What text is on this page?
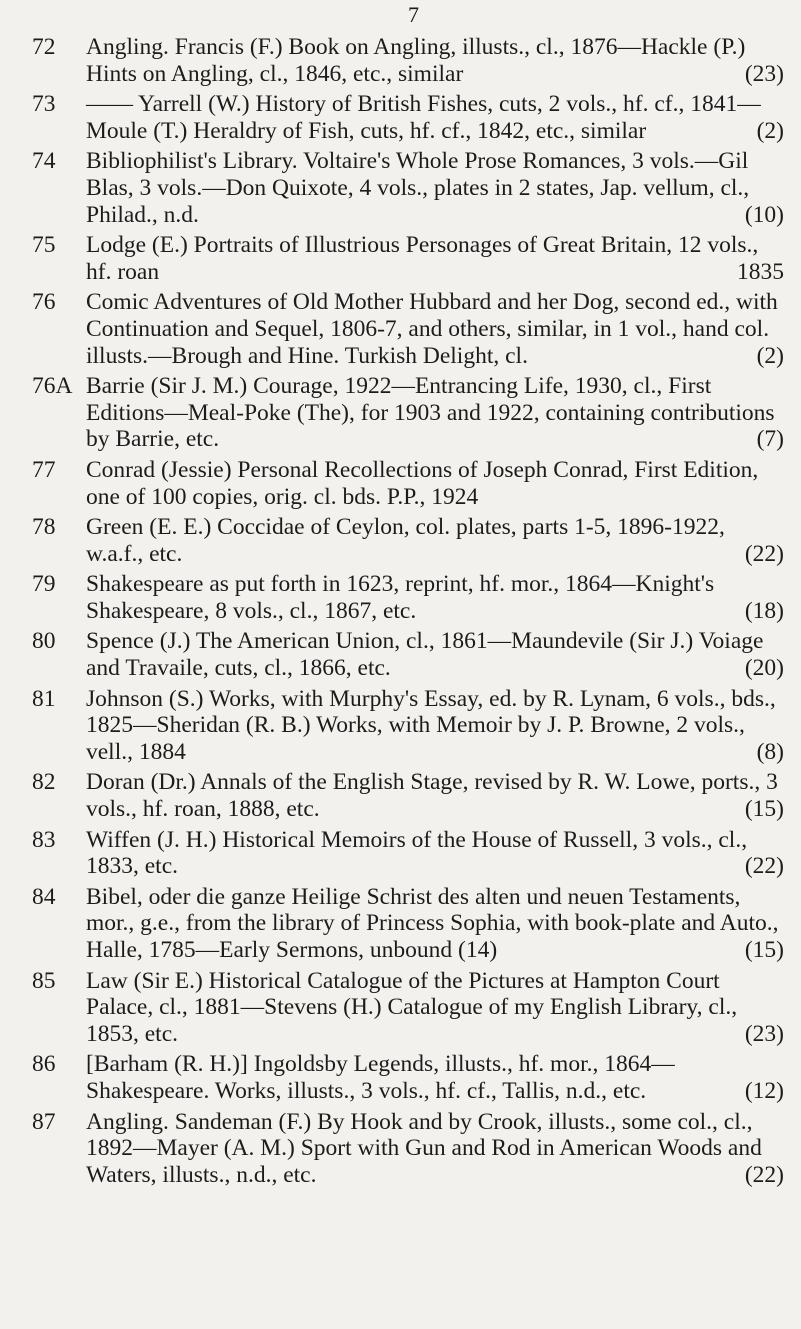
7
72	Angling. Francis (F.) Book on Angling, illusts., cl., 1876—Hackle (P.) Hints on Angling, cl., 1846, etc., similar	(23)
73	—— Yarrell (W.) History of British Fishes, cuts, 2 vols., hf. cf., 1841—Moule (T.) Heraldry of Fish, cuts, hf. cf., 1842, etc., similar	(2)
74	Bibliophilist's Library. Voltaire's Whole Prose Romances, 3 vols.—Gil Blas, 3 vols.—Don Quixote, 4 vols., plates in 2 states, Jap. vellum, cl., Philad., n.d.	(10)
75	Lodge (E.) Portraits of Illustrious Personages of Great Britain, 12 vols., hf. roan	1835
76	Comic Adventures of Old Mother Hubbard and her Dog, second ed., with Continuation and Sequel, 1806-7, and others, similar, in 1 vol., hand col. illusts.—Brough and Hine. Turkish Delight, cl.	(2)
76A Barrie (Sir J. M.) Courage, 1922—Entrancing Life, 1930, cl., First Editions—Meal-Poke (The), for 1903 and 1922, containing contributions by Barrie, etc.	(7)
77	Conrad (Jessie) Personal Recollections of Joseph Conrad, First Edition, one of 100 copies, orig. cl. bds. P.P., 1924
78	Green (E. E.) Coccidae of Ceylon, col. plates, parts 1-5, 1896-1922, w.a.f., etc.	(22)
79	Shakespeare as put forth in 1623, reprint, hf. mor., 1864—Knight's Shakespeare, 8 vols., cl., 1867, etc.	(18)
80	Spence (J.) The American Union, cl., 1861—Maundevile (Sir J.) Voiage and Travaile, cuts, cl., 1866, etc.	(20)
81	Johnson (S.) Works, with Murphy's Essay, ed. by R. Lynam, 6 vols., bds., 1825—Sheridan (R. B.) Works, with Memoir by J. P. Browne, 2 vols., vell., 1884	(8)
82	Doran (Dr.) Annals of the English Stage, revised by R. W. Lowe, ports., 3 vols., hf. roan, 1888, etc.	(15)
83	Wiffen (J. H.) Historical Memoirs of the House of Russell, 3 vols., cl., 1833, etc.	(22)
84	Bibel, oder die ganze Heilige Schrist des alten und neuen Testaments, mor., g.e., from the library of Princess Sophia, with book-plate and Auto., Halle, 1785—Early Sermons, unbound (14)	(15)
85	Law (Sir E.) Historical Catalogue of the Pictures at Hampton Court Palace, cl., 1881—Stevens (H.) Catalogue of my English Library, cl., 1853, etc.	(23)
86	[Barham (R. H.)] Ingoldsby Legends, illusts., hf. mor., 1864—Shakespeare. Works, illusts., 3 vols., hf. cf., Tallis, n.d., etc.	(12)
87	Angling. Sandeman (F.) By Hook and by Crook, illusts., some col., cl., 1892—Mayer (A. M.) Sport with Gun and Rod in American Woods and Waters, illusts., n.d., etc.	(22)
